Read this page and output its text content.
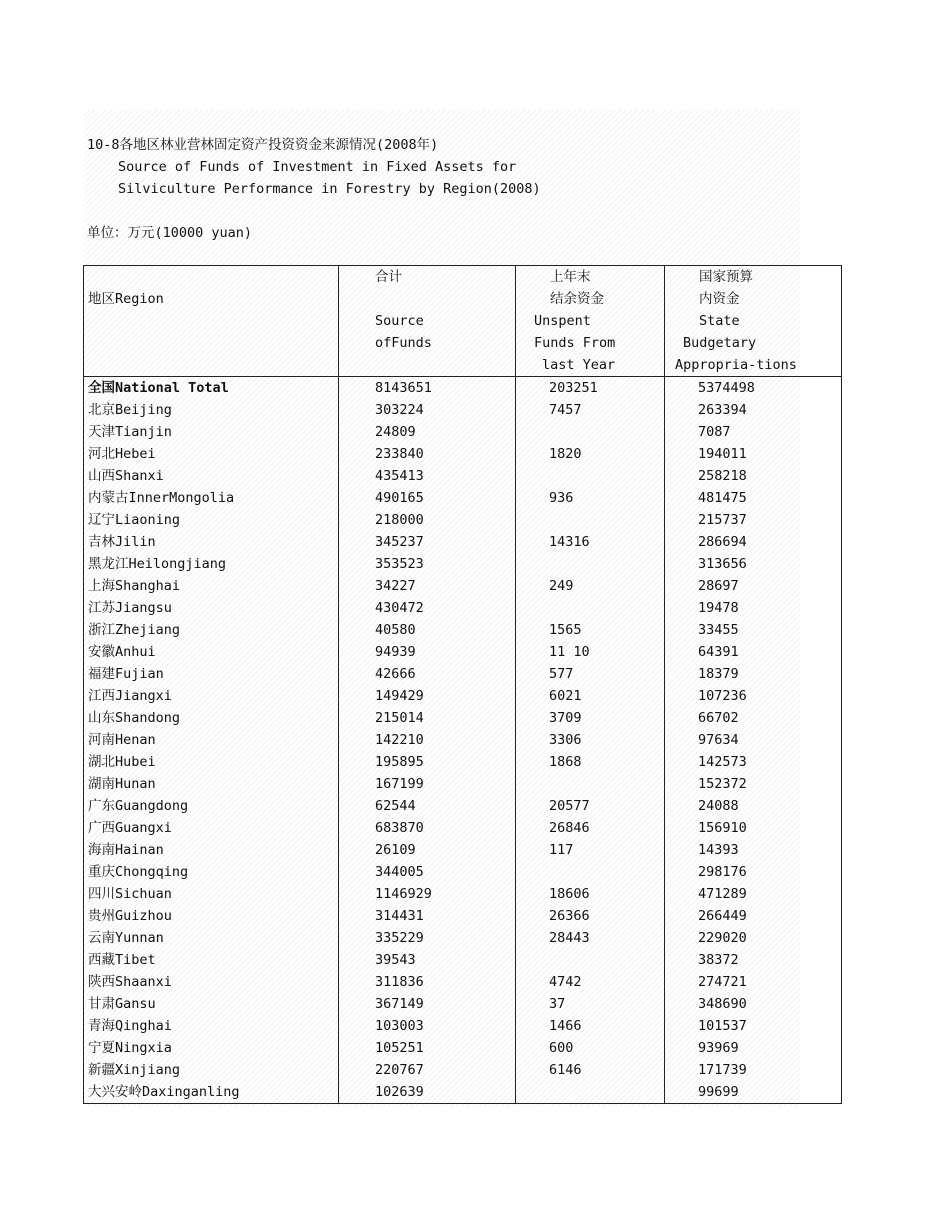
10-8各地区林业营林固定资产投资资金来源情况(2008年)
Source of Funds of Investment in Fixed Assets for
Silviculture Performance in Forestry by Region(2008)
单位：万元(10000 yuan)
地区Region	合计
Source
ofFunds	上年末
结余资金
Unspent
Funds From
last Year	国家预算
内资金
State
Budgetary
Appropria-tions

全国National Total	8143651	203251	5374498
北京Beijing	303224	7457	263394
天津Tianjin	24809		7087
河北Hebei	233840	1820	194011
山西Shanxi	435413		258218
内蒙古InnerMongolia	490165	936	481475
辽宁Liaoning	218000		215737
吉林Jilin	345237	14316	286694
黑龙江Heilongjiang	353523		313656
上海Shanghai	34227	249	28697
江苏Jiangsu	430472		19478
浙江Zhejiang	40580	1565	33455
安徽Anhui	94939	11 10	64391
福建Fujian	42666	577	18379
江西Jiangxi	149429	6021	107236
山东Shandong	215014	3709	66702
河南Henan	142210	3306	97634
湖北Hubei	195895	1868	142573
湖南Hunan	167199		152372
广东Guangdong	62544	20577	24088
广西Guangxi	683870	26846	156910
海南Hainan	26109	117	14393
重庆Chongqing	344005		298176
四川Sichuan	1146929	18606	471289
贵州Guizhou	314431	26366	266449
云南Yunnan	335229	28443	229020
西藏Tibet	39543		38372
陕西Shaanxi	311836	4742	274721
甘肃Gansu	367149	37	348690
青海Qinghai	103003	1466	101537
宁夏Ningxia	105251	600	93969
新疆Xinjiang	220767	6146	171739
大兴安岭Daxinganling	102639		99699
